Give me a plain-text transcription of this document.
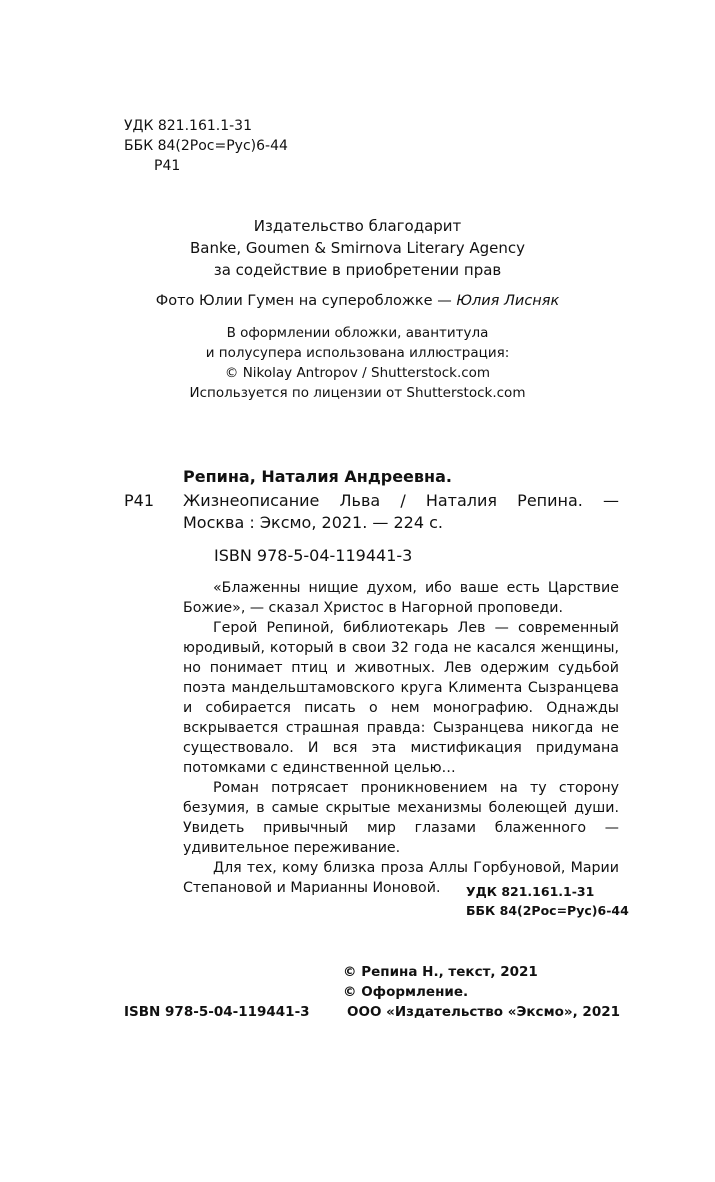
УДК 821.161.1-31
ББК 84(2Рос=Рус)6-44
Р41
Издательство благодарит
Banke, Goumen & Smirnova Literary Agency
за содействие в приобретении прав
Фото Юлии Гумен на суперобложке — Юлия Лисняк
В оформлении обложки, авантитула
и полусупера использована иллюстрация:
© Nikolay Antropov / Shutterstock.com
Используется по лицензии от Shutterstock.com
Репина, Наталия Андреевна.
Р41 Жизнеописание Льва / Наталия Репина. —
Москва : Эксмо, 2021. — 224 с.
ISBN 978-5-04-119441-3

«Блаженны нищие духом, ибо ваше есть Царствие Божие», — сказал Христос в Нагорной проповеди.

Герой Репиной, библиотекарь Лев — современный юродивый, который в свои 32 года не касался женщины, но понимает птиц и животных. Лев одержим судьбой поэта мандельштамовского круга Климента Сызранцева и собирается писать о нем монографию. Однажды вскрывается страшная правда: Сызранцева никогда не существовало. И вся эта мистификация придумана потомками с единственной целью…

Роман потрясает проникновением на ту сторону безумия, в самые скрытые механизмы болеющей души. Увидеть привычный мир глазами блаженного — удивительное переживание.

Для тех, кому близка проза Аллы Горбуновой, Марии Степановой и Марианны Ионовой.	УДК 821.161.1-31
ББК 84(2Рос=Рус)6-44
© Репина Н., текст, 2021
© Оформление.
ООО «Издательство «Эксмо», 2021
ISBN 978-5-04-119441-3
